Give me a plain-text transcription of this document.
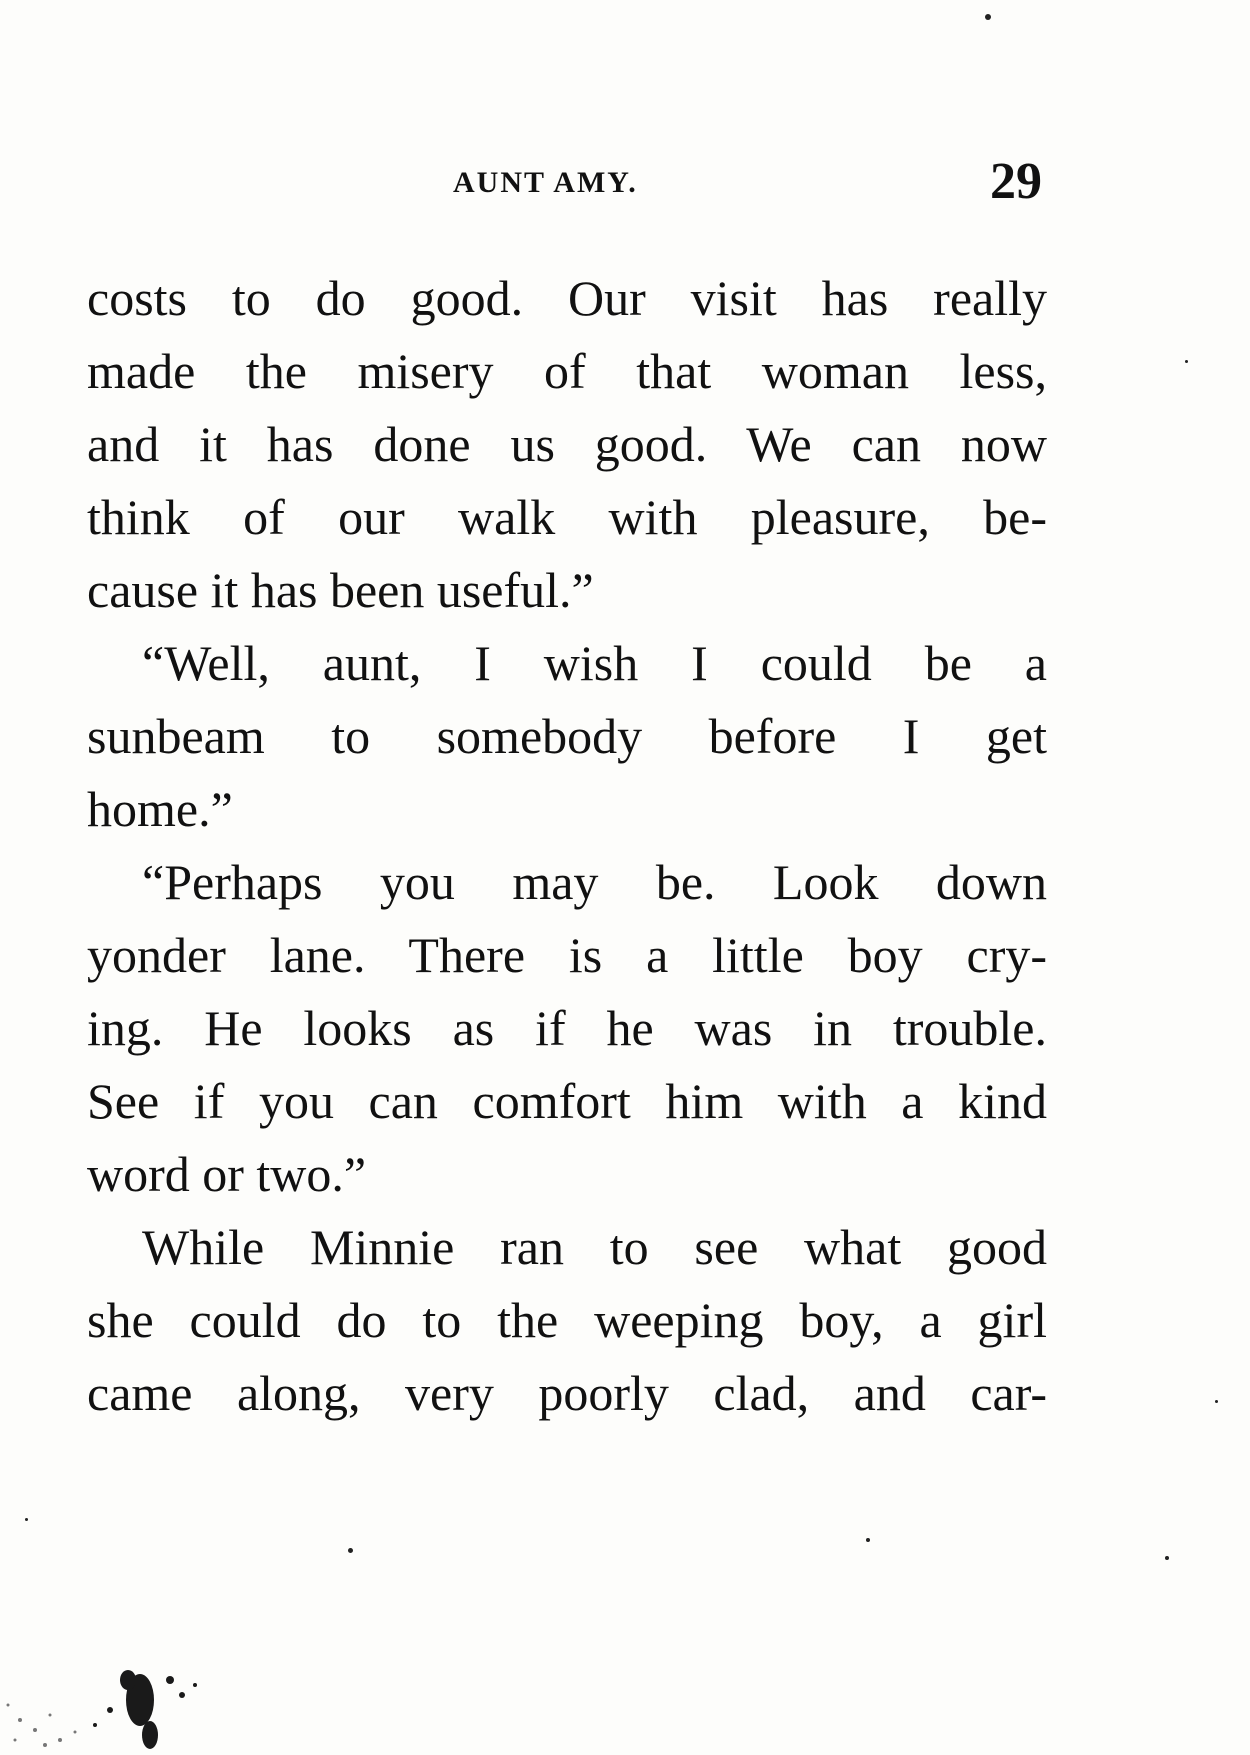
AUNT AMY.	29
costs to do good. Our visit has really
made the misery of that woman less,
and it has done us good. We can now
think of our walk with pleasure, be-
cause it has been useful.”
“Well, aunt, I wish I could be a
sunbeam to somebody before I get
home.”
“Perhaps you may be. Look down
yonder lane. There is a little boy cry-
ing. He looks as if he was in trouble.
See if you can comfort him with a kind
word or two.”
While Minnie ran to see what good
she could do to the weeping boy, a girl
came along, very poorly clad, and car-
